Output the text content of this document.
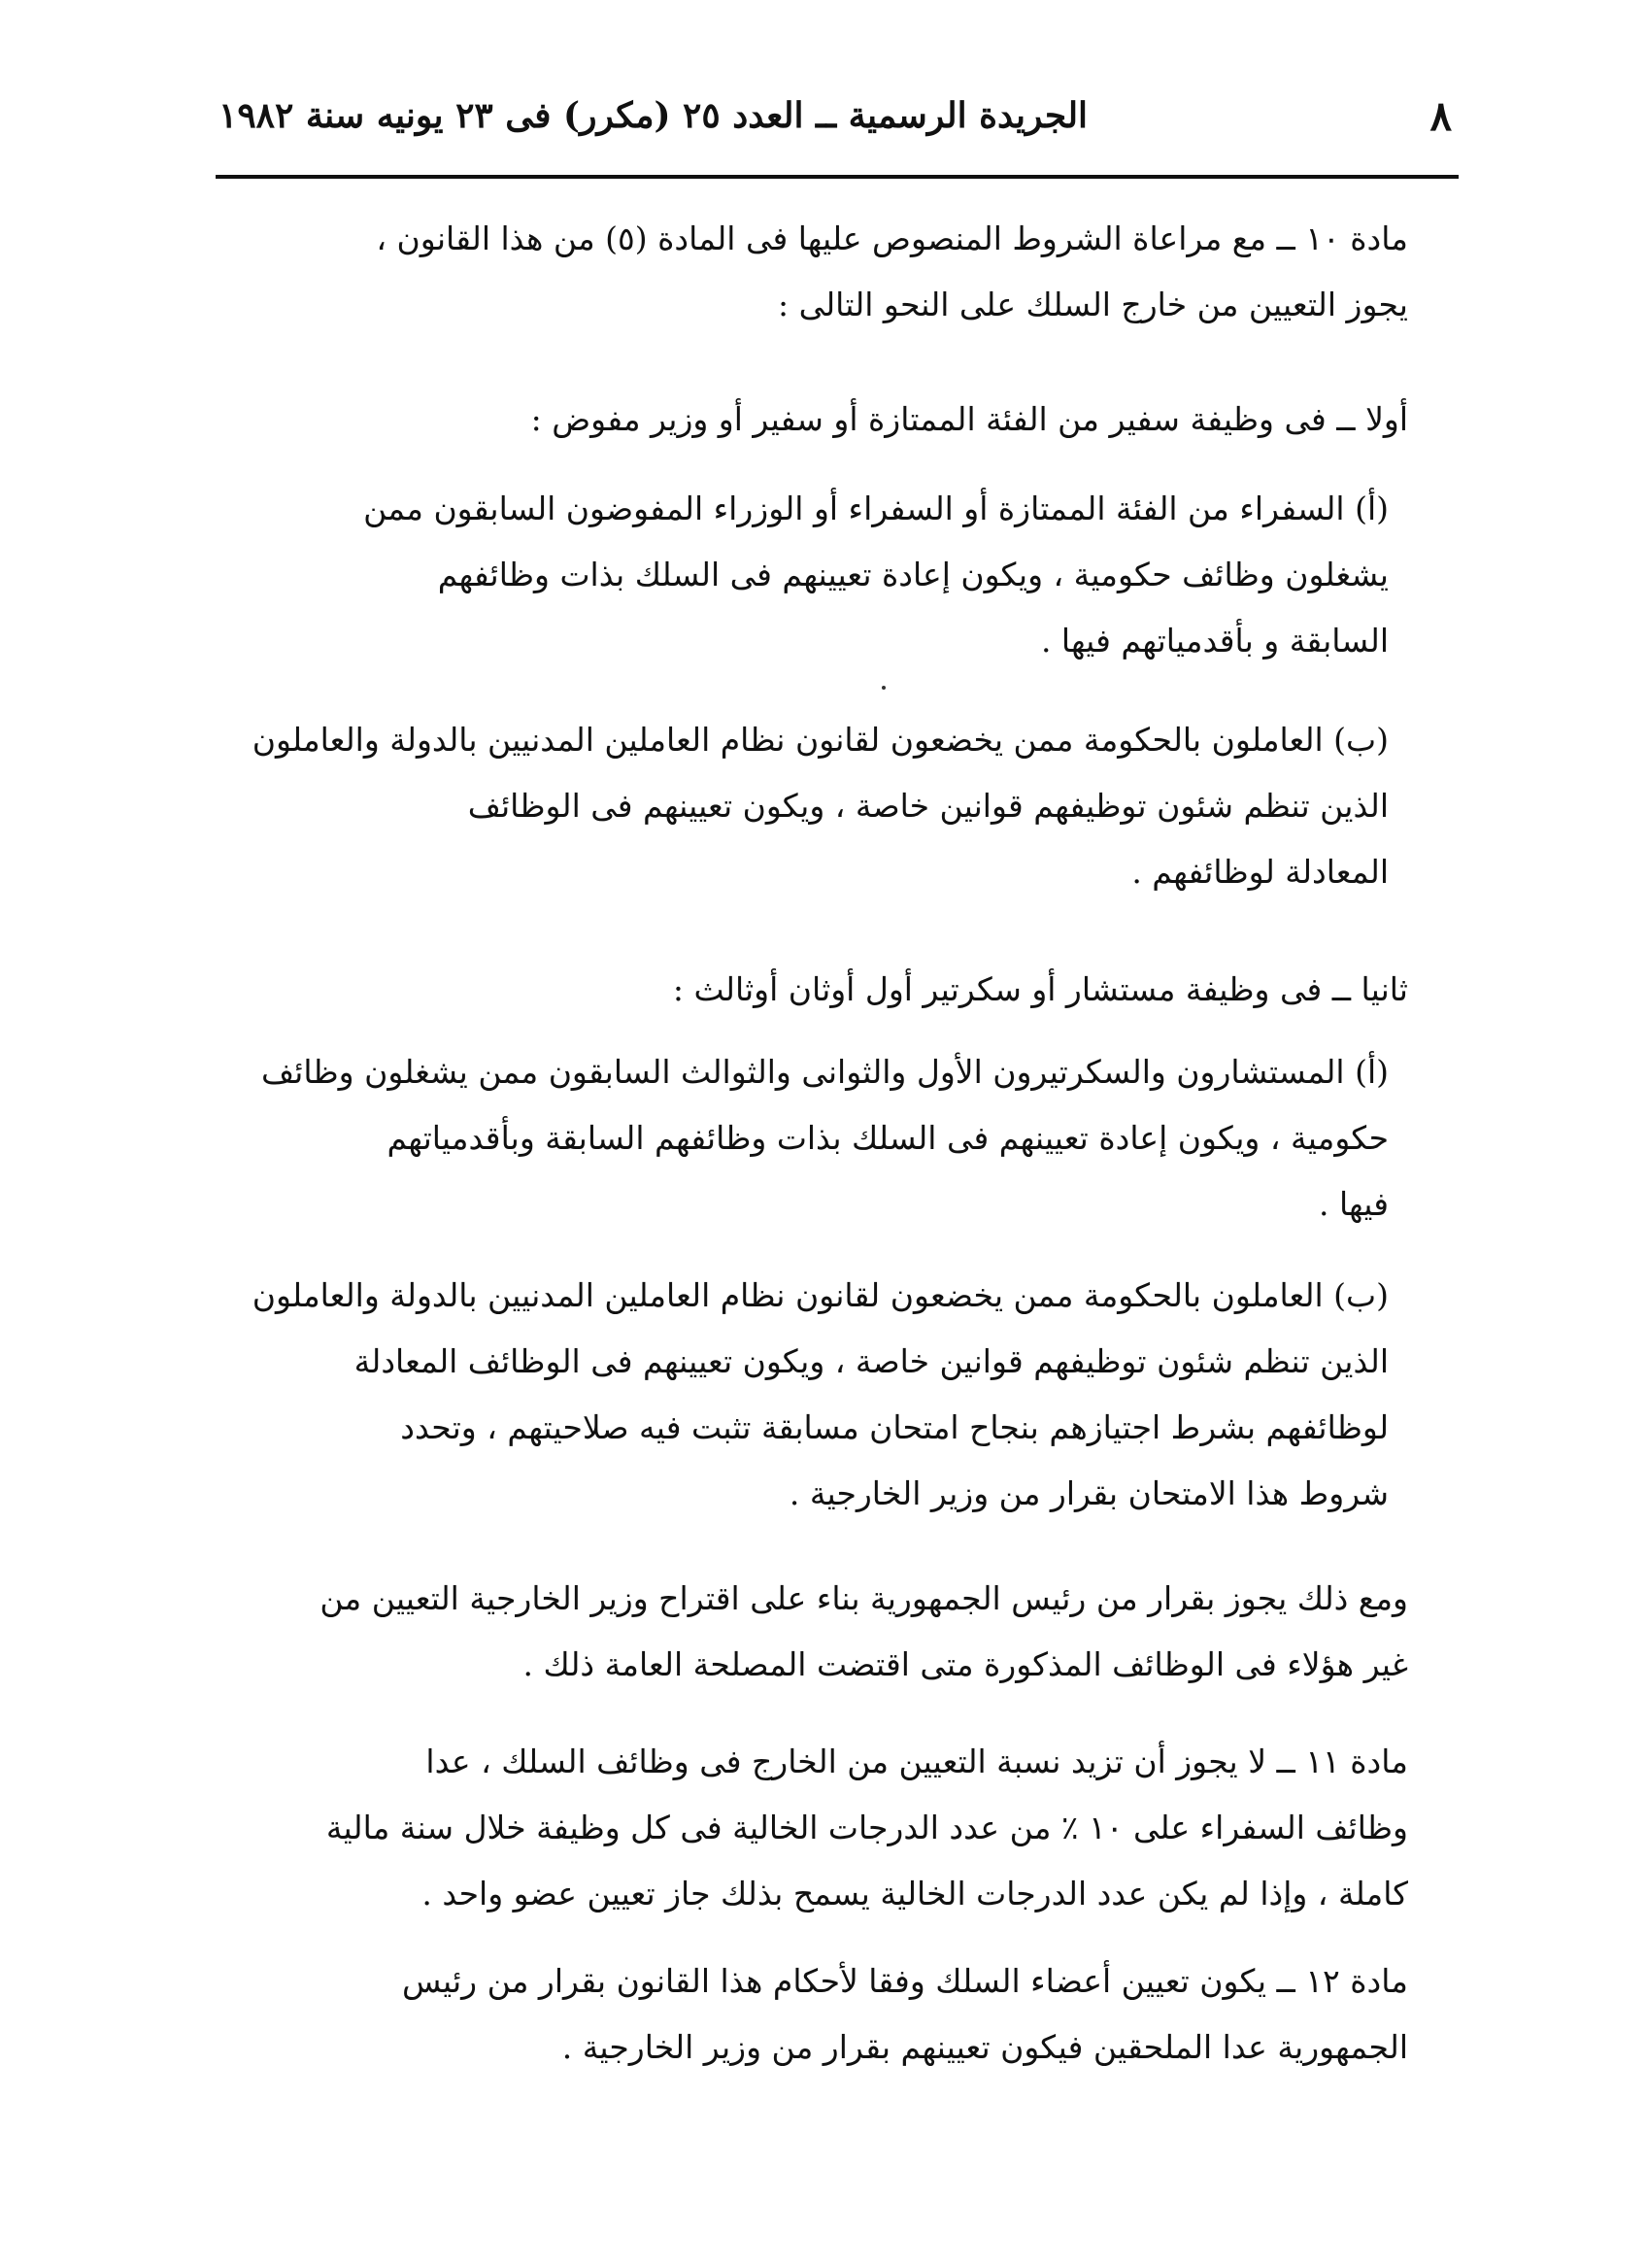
٨
الجريدة الرسمية ــ العدد ٢٥ (مكرر) فى ٢٣ يونيه سنة ١٩٨٢
مادة ١٠ ــ مع مراعاة الشروط المنصوص عليها فى المادة (٥) من هذا القانون ،
يجوز التعيين من خارج السلك على النحو التالى :
أولا ــ فى وظيفة سفير من الفئة الممتازة أو سفير أو وزير مفوض :
(أ) السفراء من الفئة الممتازة أو السفراء أو الوزراء المفوضون السابقون ممن
يشغلون وظائف حكومية ، ويكون إعادة تعيينهم فى السلك بذات وظائفهم
السابقة و بأقدمياتهم فيها .
(ب) العاملون بالحكومة ممن يخضعون لقانون نظام العاملين المدنيين بالدولة والعاملون
الذين تنظم شئون توظيفهم قوانين خاصة ، ويكون تعيينهم فى الوظائف
المعادلة لوظائفهم .
ثانيا ــ فى وظيفة مستشار أو سكرتير أول أوثان أوثالث :
(أ) المستشارون والسكرتيرون الأول والثوانى والثوالث السابقون ممن يشغلون وظائف
حكومية ، ويكون إعادة تعيينهم فى السلك بذات وظائفهم السابقة وبأقدمياتهم
فيها .
(ب) العاملون بالحكومة ممن يخضعون لقانون نظام العاملين المدنيين بالدولة والعاملون
الذين تنظم شئون توظيفهم قوانين خاصة ، ويكون تعيينهم فى الوظائف المعادلة
لوظائفهم بشرط اجتيازهم بنجاح امتحان مسابقة تثبت فيه صلاحيتهم ، وتحدد
شروط هذا الامتحان بقرار من وزير الخارجية .
ومع ذلك يجوز بقرار من رئيس الجمهورية بناء على اقتراح وزير الخارجية التعيين من
غير هؤلاء فى الوظائف المذكورة متى اقتضت المصلحة العامة ذلك .
مادة ١١ ــ لا يجوز أن تزيد نسبة التعيين من الخارج فى وظائف السلك ، عدا
وظائف السفراء على ١٠ ٪ من عدد الدرجات الخالية فى كل وظيفة خلال سنة مالية
كاملة ، وإذا لم يكن عدد الدرجات الخالية يسمح بذلك جاز تعيين عضو واحد .
مادة ١٢ ــ يكون تعيين أعضاء السلك وفقا لأحكام هذا القانون بقرار من رئيس
الجمهورية عدا الملحقين فيكون تعيينهم بقرار من وزير الخارجية .
